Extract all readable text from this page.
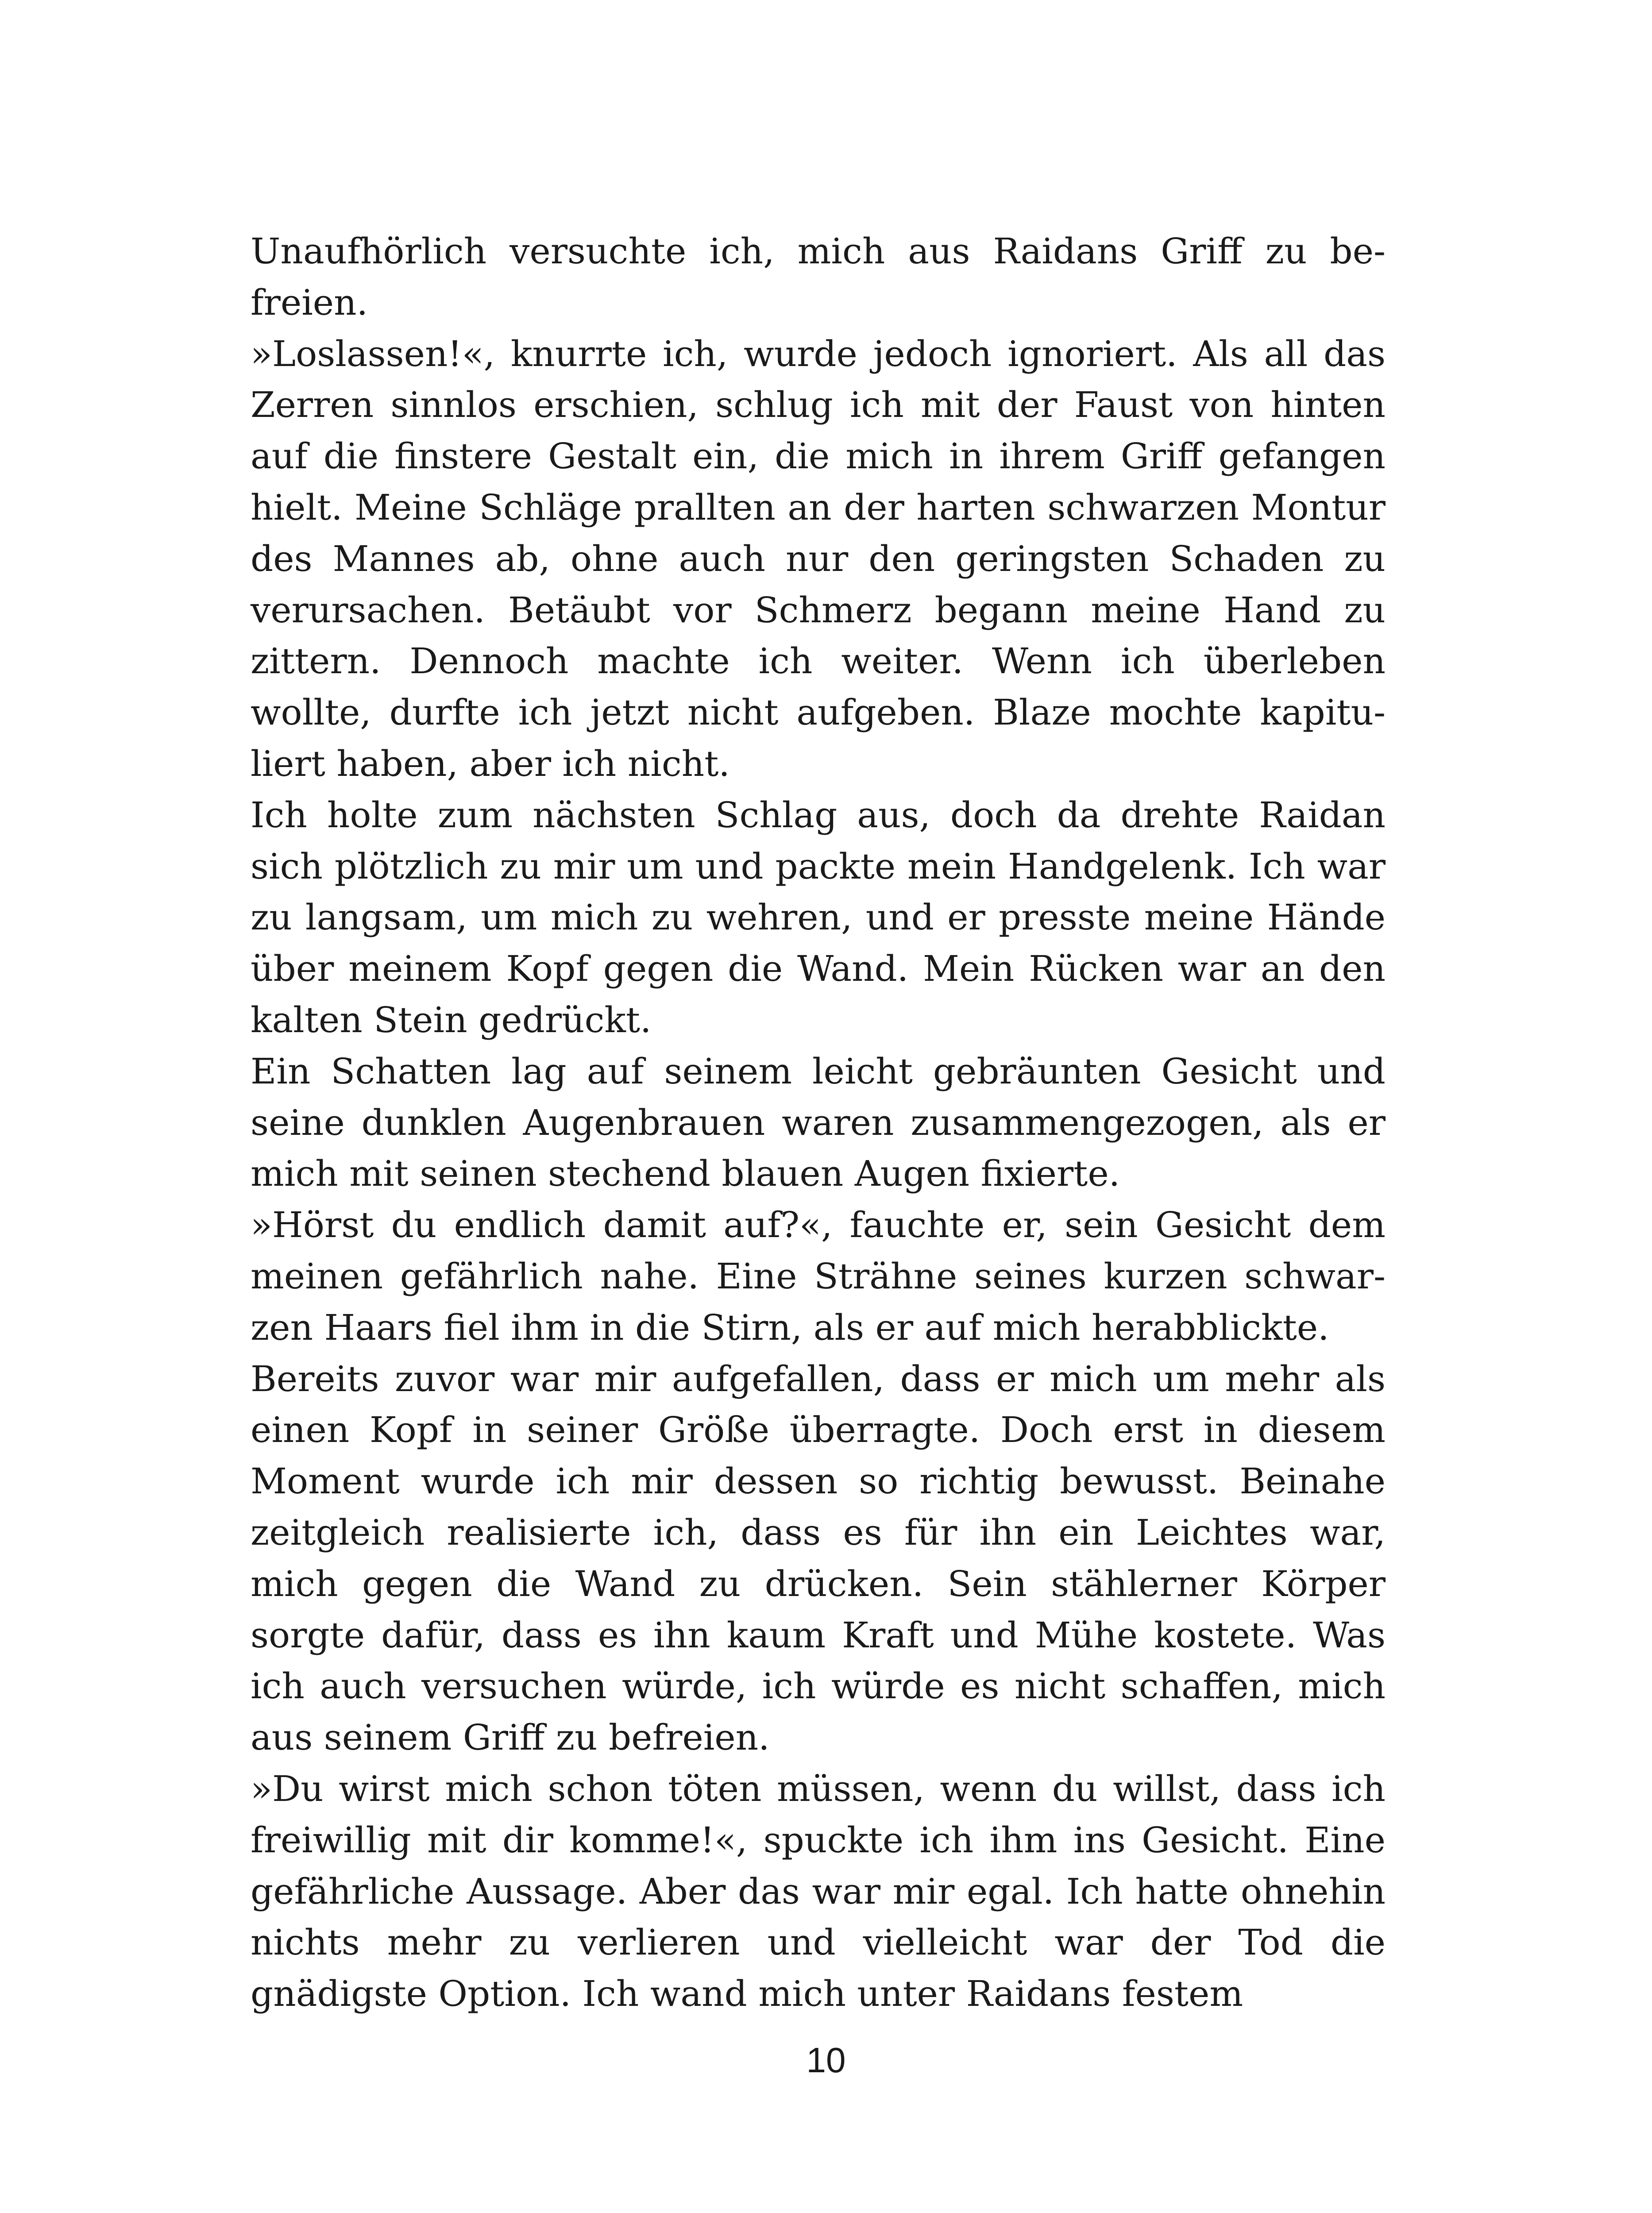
Unaufhörlich versuchte ich, mich aus Raidans Griff zu befreien.

»Loslassen!«, knurrte ich, wurde jedoch ignoriert. Als all das Zerren sinnlos erschien, schlug ich mit der Faust von hinten auf die finstere Gestalt ein, die mich in ihrem Griff gefangen hielt. Meine Schläge prallten an der harten schwarzen Montur des Mannes ab, ohne auch nur den geringsten Schaden zu verursachen. Betäubt vor Schmerz begann meine Hand zu zittern. Dennoch machte ich weiter. Wenn ich überleben wollte, durfte ich jetzt nicht aufgeben. Blaze mochte kapituliert haben, aber ich nicht.

Ich holte zum nächsten Schlag aus, doch da drehte Raidan sich plötzlich zu mir um und packte mein Handgelenk. Ich war zu langsam, um mich zu wehren, und er presste meine Hände über meinem Kopf gegen die Wand. Mein Rücken war an den kalten Stein gedrückt.

Ein Schatten lag auf seinem leicht gebräunten Gesicht und seine dunklen Augenbrauen waren zusammengezogen, als er mich mit seinen stechend blauen Augen fixierte.

»Hörst du endlich damit auf?«, fauchte er, sein Gesicht dem meinen gefährlich nahe. Eine Strähne seines kurzen schwarzen Haars fiel ihm in die Stirn, als er auf mich herabblickte.

Bereits zuvor war mir aufgefallen, dass er mich um mehr als einen Kopf in seiner Größe überragte. Doch erst in diesem Moment wurde ich mir dessen so richtig bewusst. Beinahe zeitgleich realisierte ich, dass es für ihn ein Leichtes war, mich gegen die Wand zu drücken. Sein stählerner Körper sorgte dafür, dass es ihn kaum Kraft und Mühe kostete. Was ich auch versuchen würde, ich würde es nicht schaffen, mich aus seinem Griff zu befreien.

»Du wirst mich schon töten müssen, wenn du willst, dass ich freiwillig mit dir komme!«, spuckte ich ihm ins Gesicht. Eine gefährliche Aussage. Aber das war mir egal. Ich hatte ohnehin nichts mehr zu verlieren und vielleicht war der Tod die gnädigste Option. Ich wand mich unter Raidans festem

10
